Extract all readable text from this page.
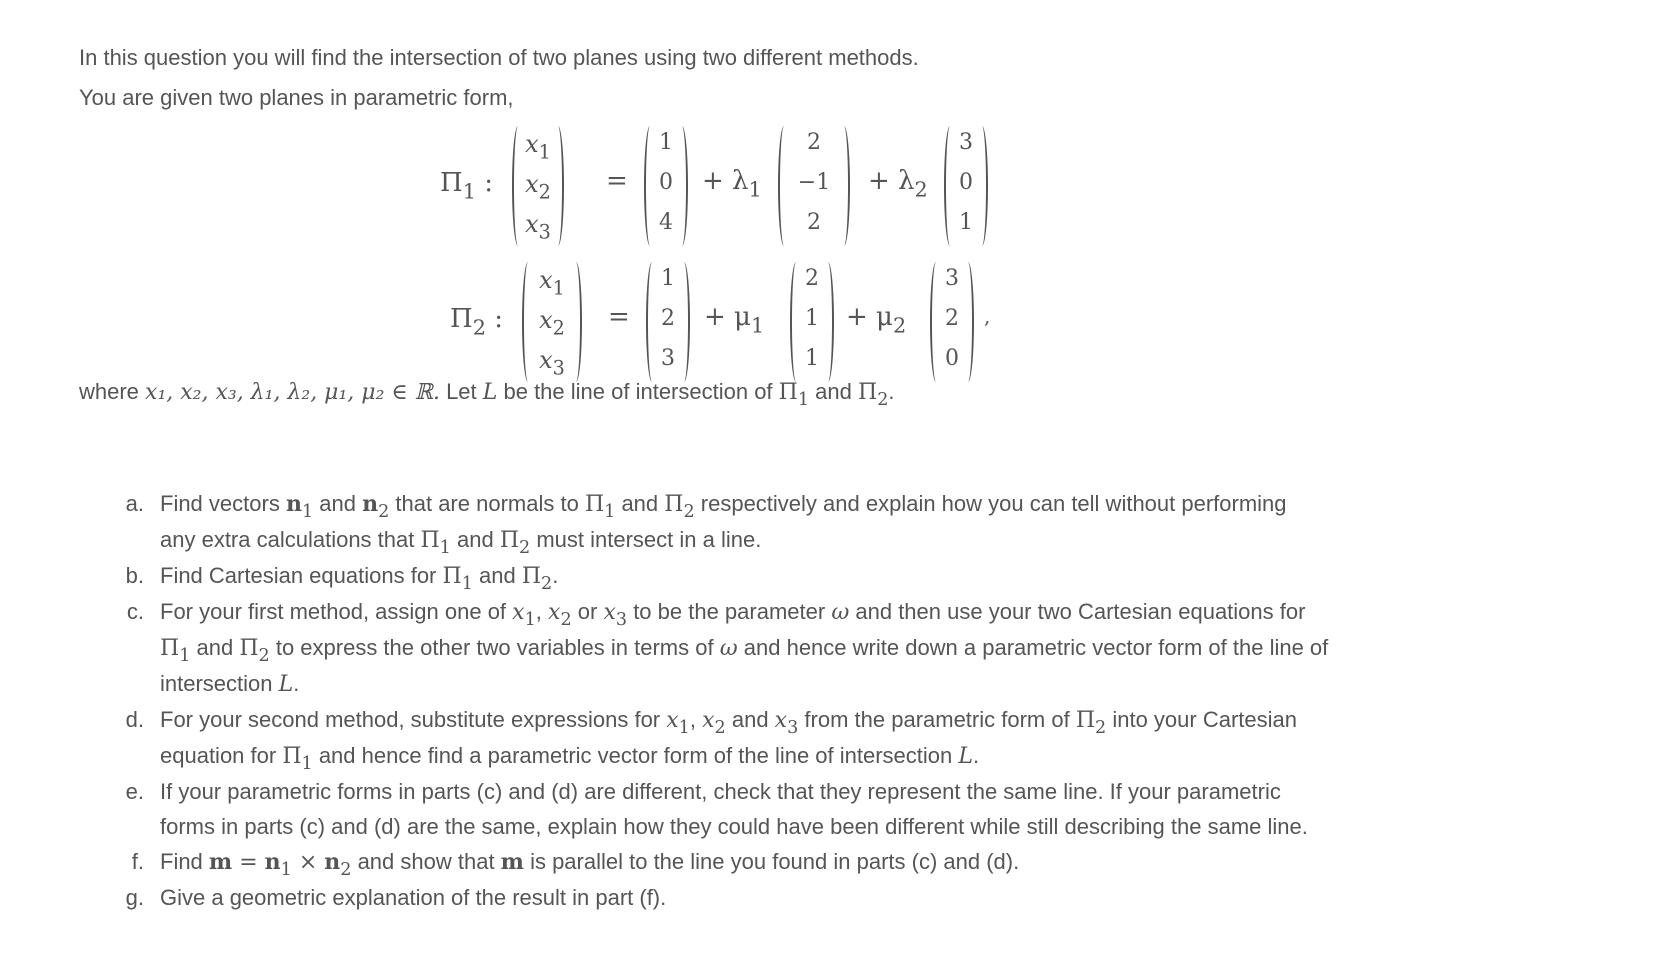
In this question you will find the intersection of two planes using two different methods.
You are given two planes in parametric form,
$\Pi_1$ :
$x_1$
$x_2$
$x_3$
=
1
0
4
+ $\lambda_1$
2
−1
2
+ $\lambda_2$
3
0
1
$\Pi_2$ :
$x_1$
$x_2$
$x_3$
=
1
2
3
+ $\mu_1$
2
1
1
+ $\mu_2$
3
2
0
,
where x₁, x₂, x₃, λ₁, λ₂, μ₁, μ₂ ∈ ℝ. Let L be the line of intersection of $\Pi_1$ and $\Pi_2$.
a. Find vectors $n_1$ and $n_2$ that are normals to $\Pi_1$ and $\Pi_2$ respectively and explain how you can tell without performing
any extra calculations that $\Pi_1$ and $\Pi_2$ must intersect in a line.
b. Find Cartesian equations for $\Pi_1$ and $\Pi_2$.
c. For your first method, assign one of $x_1$, $x_2$ or $x_3$ to be the parameter ω and then use your two Cartesian equations for
$\Pi_1$ and $\Pi_2$ to express the other two variables in terms of ω and hence write down a parametric vector form of the line of
intersection L.
d. For your second method, substitute expressions for $x_1$, $x_2$ and $x_3$ from the parametric form of $\Pi_2$ into your Cartesian
equation for $\Pi_1$ and hence find a parametric vector form of the line of intersection L.
e. If your parametric forms in parts (c) and (d) are different, check that they represent the same line. If your parametric
forms in parts (c) and (d) are the same, explain how they could have been different while still describing the same line.
f. Find $m = n_1 \times n_2$ and show that m is parallel to the line you found in parts (c) and (d).
g. Give a geometric explanation of the result in part (f).
